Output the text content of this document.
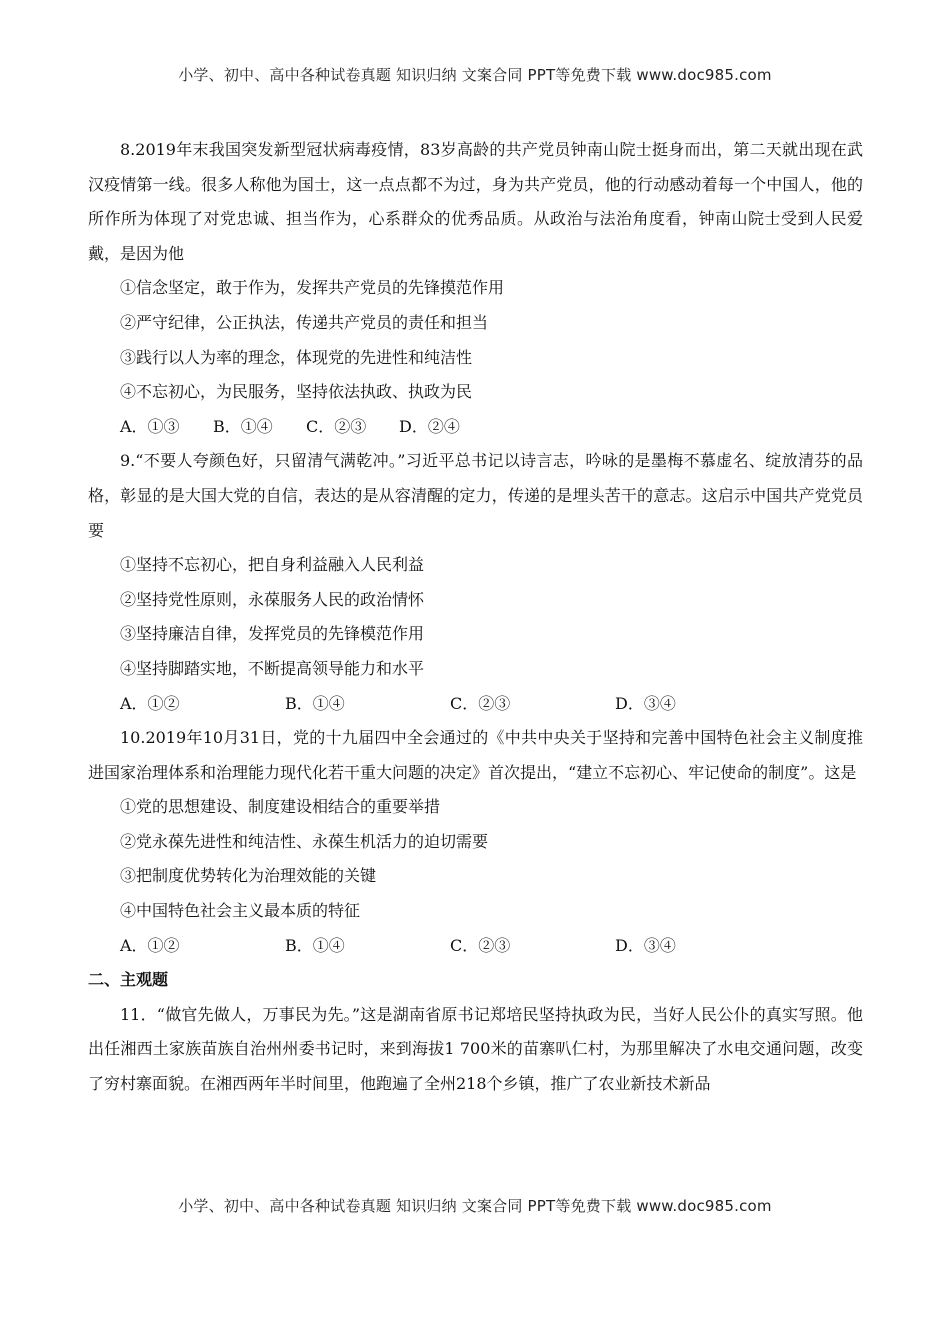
小学、初中、高中各种试卷真题 知识归纳 文案合同 PPT等免费下载 www.doc985.com

8.2019年末我国突发新型冠状病毒疫情，83岁高龄的共产党员钟南山院士挺身而出，第二天就出现在武汉疫情第一线。很多人称他为国士，这一点点都不为过，身为共产党员，他的行动感动着每一个中国人，他的所作所为体现了对党忠诚、担当作为，心系群众的优秀品质。从政治与法治角度看，钟南山院士受到人民爱戴，是因为他

①信念坚定，敢于作为，发挥共产党员的先锋摸范作用

②严守纪律，公正执法，传递共产党员的责任和担当

③践行以人为率的理念，体现党的先进性和纯洁性

④不忘初心，为民服务，坚持依法执政、执政为民

A．①③ B．①④ C．②③ D．②④

9.“不要人夸颜色好，只留清气满乾冲。”习近平总书记以诗言志，吟咏的是墨梅不慕虚名、绽放清芬的品格，彰显的是大国大党的自信，表达的是从容清醒的定力，传递的是埋头苦干的意志。这启示中国共产党党员要

①坚持不忘初心，把自身利益融入人民利益

②坚持党性原则，永葆服务人民的政治情怀

③坚持廉洁自律，发挥党员的先锋模范作用

④坚持脚踏实地，不断提高领导能力和水平

A．①②	B．①④	C．②③	D．③④

10.2019年10月31日，党的十九届四中全会通过的《中共中央关于坚持和完善中国特色社会主义制度推进国家治理体系和治理能力现代化若干重大问题的决定》首次提出，“建立不忘初心、牢记使命的制度”。这是

①党的思想建设、制度建设相结合的重要举措

②党永葆先进性和纯洁性、永葆生机活力的迫切需要

③把制度优势转化为治理效能的关键

④中国特色社会主义最本质的特征

A．①②	B．①④	C．②③	D．③④

二、主观题

11．“做官先做人，万事民为先。”这是湖南省原书记郑培民坚持执政为民，当好人民公仆的真实写照。他出任湘西土家族苗族自治州州委书记时，来到海拔1 700米的苗寨叭仁村，为那里解决了水电交通问题，改变了穷村寨面貌。在湘西两年半时间里，他跑遍了全州218个乡镇，推广了农业新技术新品

小学、初中、高中各种试卷真题 知识归纳 文案合同 PPT等免费下载 www.doc985.com
